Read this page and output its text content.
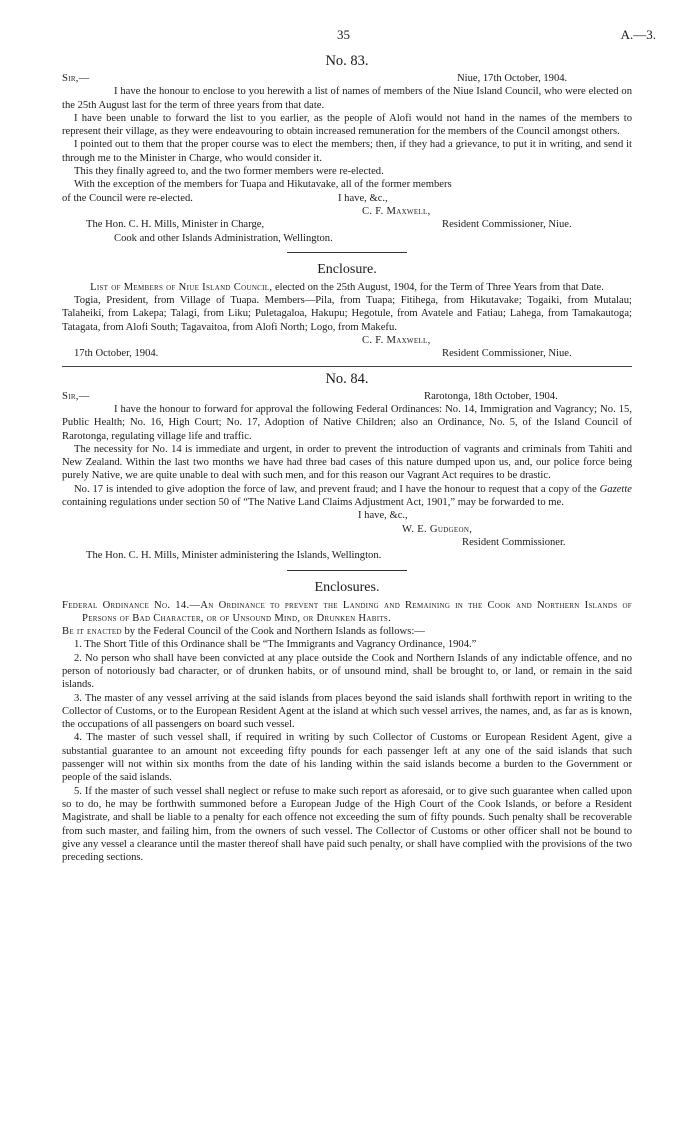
35	A.—3.
No. 83.
Sir,—	Niue, 17th October, 1904.

I have the honour to enclose to you herewith a list of names of members of the Niue Island Council, who were elected on the 25th August last for the term of three years from that date.

I have been unable to forward the list to you earlier, as the people of Alofi would not hand in the names of the members to represent their village, as they were endeavouring to obtain increased remuneration for the members of the Council amongst others.

I pointed out to them that the proper course was to elect the members; then, if they had a grievance, to put it in writing, and send it through me to the Minister in Charge, who would consider it.

This they finally agreed to, and the two former members were re-elected.

With the exception of the members for Tuapa and Hikutavake, all of the former members

of the Council were re-elected.	I have, &c.,
C. F. Maxwell,
The Hon. C. H. Mills, Minister in Charge,	Resident Commissioner, Niue.
Cook and other Islands Administration, Wellington.
Enclosure.

List of Members of Niue Island Council, elected on the 25th August, 1904, for the Term of Three Years from that Date.

Togia, President, from Village of Tuapa. Members—Pila, from Tuapa; Fitihega, from Hikutavake; Togaiki, from Mutalau; Talaheiki, from Lakepa; Talagi, from Liku; Puletagaloa, Hakupu; Hegotule, from Avatele and Fatiau; Lahega, from Tamakautoga; Tatagata, from Alofi South; Tagavaitoa, from Alofi North; Logo, from Makefu.

C. F. Maxwell,
17th October, 1904.	Resident Commissioner, Niue.
No. 84.
Sir,—	Rarotonga, 18th October, 1904.

I have the honour to forward for approval the following Federal Ordinances: No. 14, Immigration and Vagrancy; No. 15, Public Health; No. 16, High Court; No. 17, Adoption of Native Children; also an Ordinance, No. 5, of the Island Council of Rarotonga, regulating village life and traffic.

The necessity for No. 14 is immediate and urgent, in order to prevent the introduction of vagrants and criminals from Tahiti and New Zealand. Within the last two months we have had three bad cases of this nature dumped upon us, and, our police force being purely Native, we are quite unable to deal with such men, and for this reason our Vagrant Act requires to be drastic.

No. 17 is intended to give adoption the force of law, and prevent fraud; and I have the honour to request that a copy of the Gazette containing regulations under section 50 of “The Native Land Claims Adjustment Act, 1901,” may be forwarded to me.

I have, &c.,
W. E. Gudgeon,
Resident Commissioner.
The Hon. C. H. Mills, Minister administering the Islands, Wellington.
Enclosures.

Federal Ordinance No. 14.—An Ordinance to prevent the Landing and Remaining in the Cook and Northern Islands of Persons of Bad Character, or of Unsound Mind, or Drunken Habits.

Be it enacted by the Federal Council of the Cook and Northern Islands as follows:—

1. The Short Title of this Ordinance shall be “The Immigrants and Vagrancy Ordinance, 1904.”

2. No person who shall have been convicted at any place outside the Cook and Northern Islands of any indictable offence, and no person of notoriously bad character, or of drunken habits, or of unsound mind, shall be brought to, or land, or remain in the said islands.

3. The master of any vessel arriving at the said islands from places beyond the said islands shall forthwith report in writing to the Collector of Customs, or to the European Resident Agent at the island at which such vessel arrives, the names, and, as far as is known, the occupations of all passengers on board such vessel.

4. The master of such vessel shall, if required in writing by such Collector of Customs or European Resident Agent, give a substantial guarantee to an amount not exceeding fifty pounds for each passenger left at any one of the said islands that such passenger will not within six months from the date of his landing within the said islands become a burden to the Government or people of the said islands.

5. If the master of such vessel shall neglect or refuse to make such report as aforesaid, or to give such guarantee when called upon so to do, he may be forthwith summoned before a European Judge of the High Court of the Cook Islands, or before a Resident Magistrate, and shall be liable to a penalty for each offence not exceeding the sum of fifty pounds. Such penalty shall be recoverable from such master, and failing him, from the owners of such vessel. The Collector of Customs or other officer shall not be bound to give any vessel a clearance until the master thereof shall have paid such penalty, or shall have complied with the provisions of the two preceding sections.
